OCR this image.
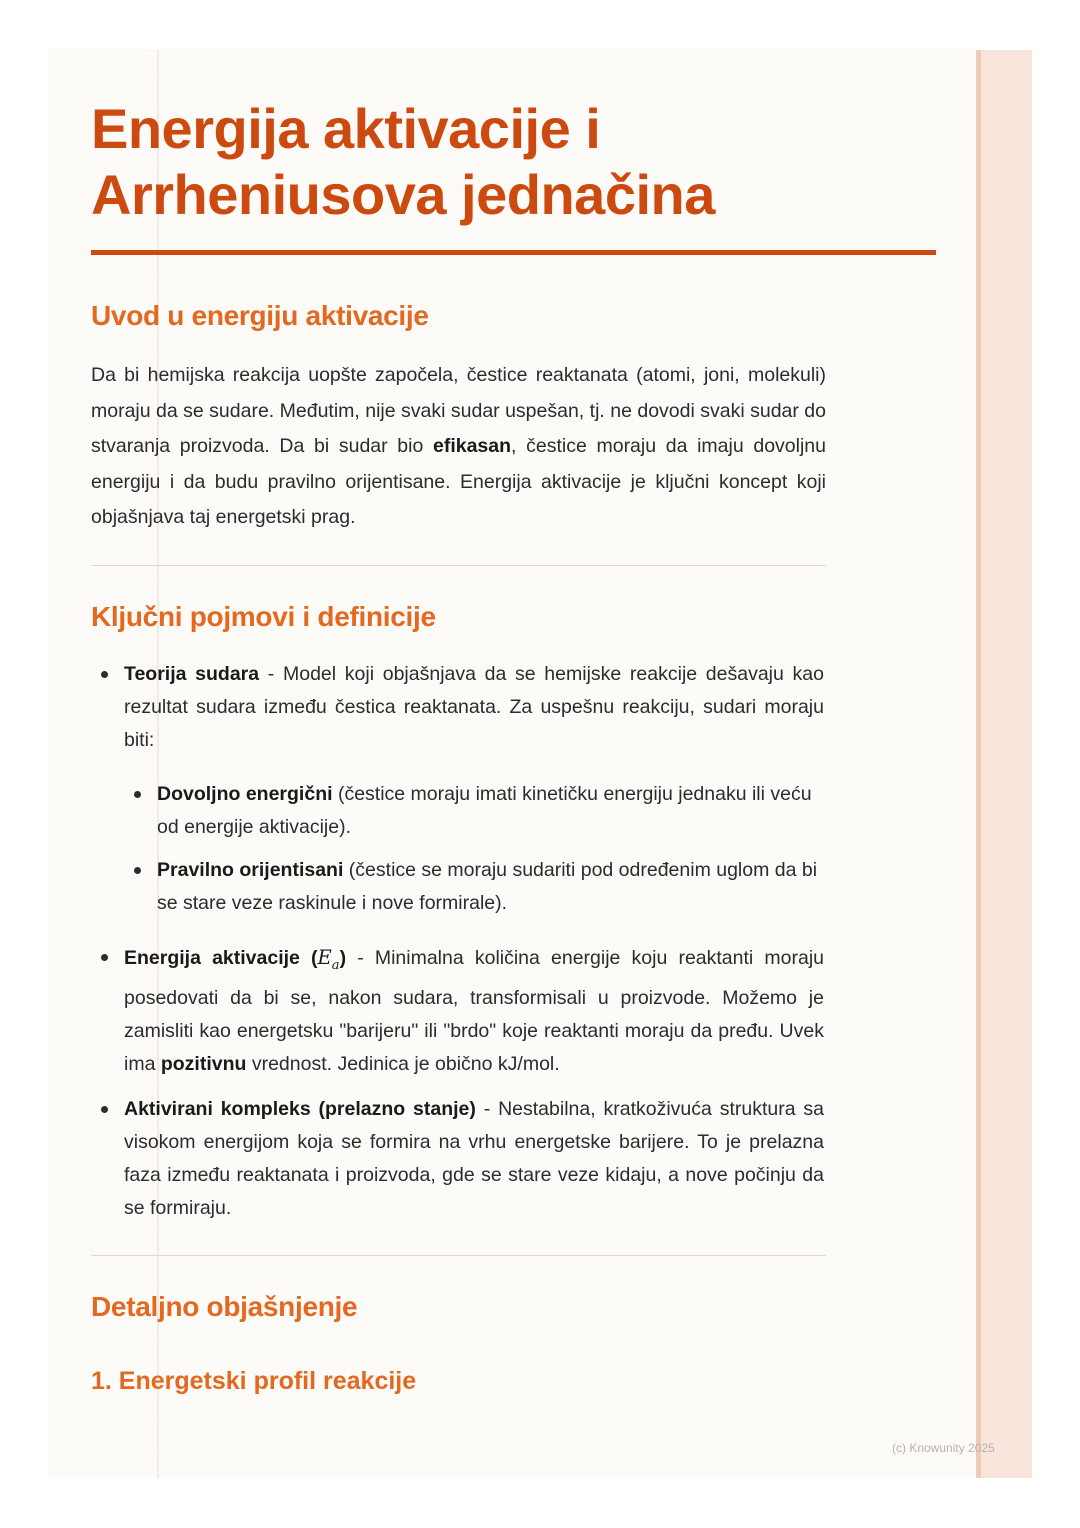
Energija aktivacije i Arrheniusova jednačina
Uvod u energiju aktivacije

Da bi hemijska reakcija uopšte započela, čestice reaktanata (atomi, joni, molekuli) moraju da se sudare. Međutim, nije svaki sudar uspešan, tj. ne dovodi svaki sudar do stvaranja proizvoda. Da bi sudar bio efikasan, čestice moraju da imaju dovoljnu energiju i da budu pravilno orijentisane. Energija aktivacije je ključni koncept koji objašnjava taj energetski prag.

Ključni pojmovi i definicije

Teorija sudara - Model koji objašnjava da se hemijske reakcije dešavaju kao rezultat sudara između čestica reaktanata. Za uspešnu reakciju, sudari moraju biti:

Dovoljno energični (čestice moraju imati kinetičku energiju jednaku ili veću od energije aktivacije).

Pravilno orijentisani (čestice se moraju sudariti pod određenim uglom da bi se stare veze raskinule i nove formirale).

Energija aktivacije $(E_a)$ - Minimalna količina energije koju reaktanti moraju posedovati da bi se, nakon sudara, transformisali u proizvode. Možemo je zamisliti kao energetsku "barijeru" ili "brdo" koje reaktanti moraju da pređu. Uvek ima pozitivnu vrednost. Jedinica je obično kJ/mol.

Aktivirani kompleks (prelazno stanje) - Nestabilna, kratkoživuća struktura sa visokom energijom koja se formira na vrhu energetske barijere. To je prelazna faza između reaktanata i proizvoda, gde se stare veze kidaju, a nove počinju da se formiraju.

Detaljno objašnjenje
1. Energetski profil reakcije
(c) Knowunity 2025
